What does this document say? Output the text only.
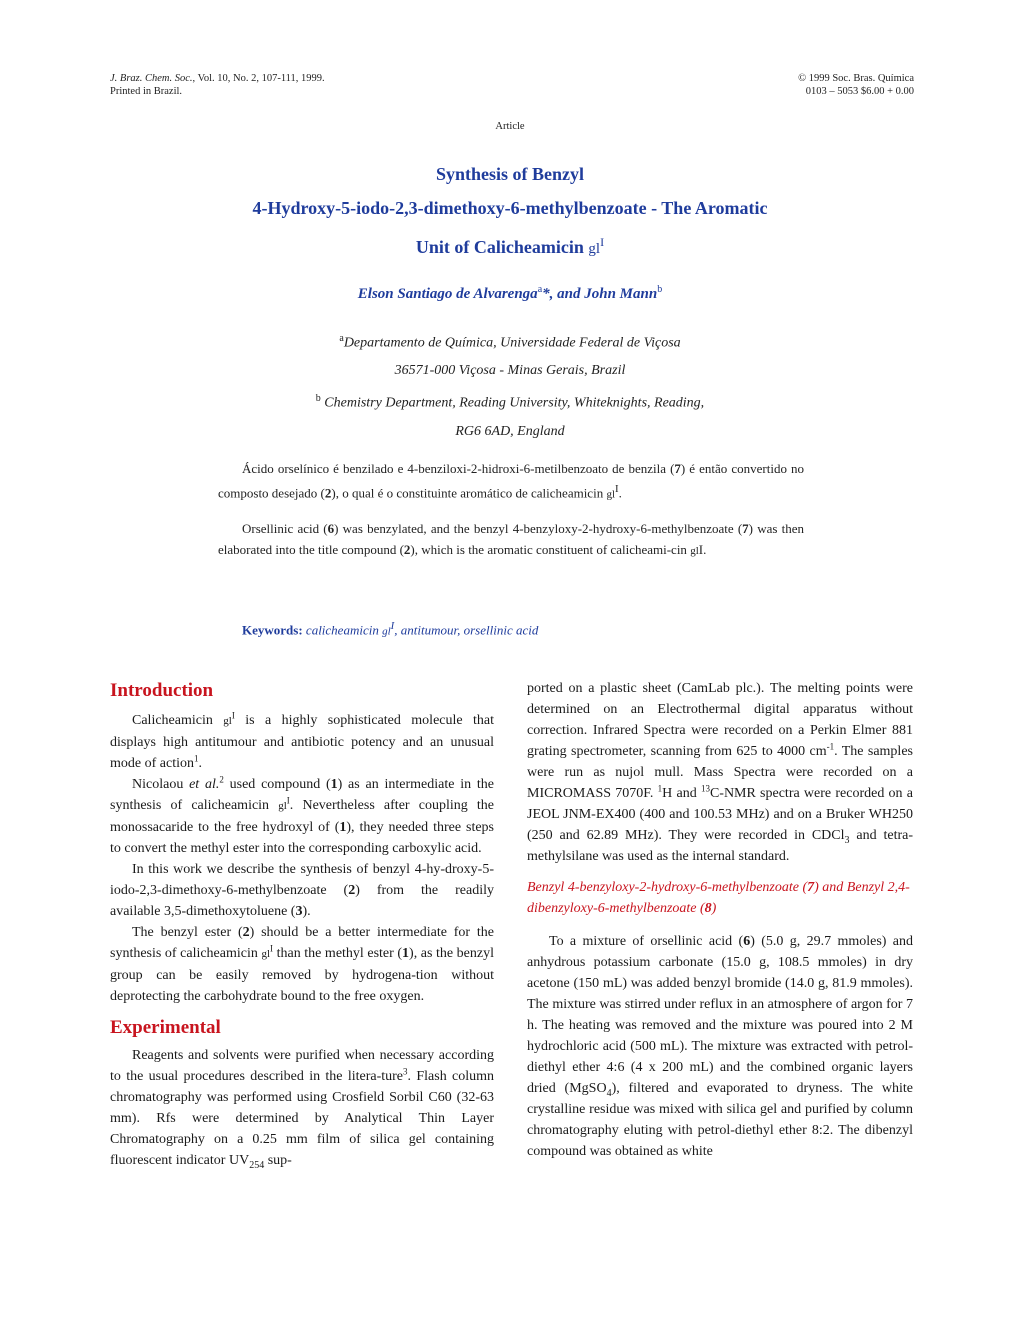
J. Braz. Chem. Soc., Vol. 10, No. 2, 107-111, 1999.
Printed in Brazil.
© 1999 Soc. Bras. Química
0103 – 5053 $6.00 + 0.00
Article
Synthesis of Benzyl
4-Hydroxy-5-iodo-2,3-dimethoxy-6-methylbenzoate - The Aromatic
Unit of Calicheamicin $gl^I$
Elson Santiago de Alvarenga$^a$*, and John Mann$^b$
$^a$Departamento de Química, Universidade Federal de Viçosa
36571-000 Viçosa - Minas Gerais, Brazil
$^b$ Chemistry Department, Reading University, Whiteknights, Reading,
RG6 6AD, England
Ácido orselínico é benzilado e 4-benziloxi-2-hidroxi-6-metilbenzoato de benzila (7) é então convertido no composto desejado (2), o qual é o constituinte aromático de calicheamicin $gl^I$.
Orsellinic acid (6) was benzylated, and the benzyl 4-benzyloxy-2-hydroxy-6-methylbenzoate (7) was then elaborated into the title compound (2), which is the aromatic constituent of calicheami-cin glI.
Keywords: calicheamicin $gl^I$, antitumour, orsellinic acid
Introduction

Calicheamicin $gl^I$ is a highly sophisticated molecule that displays high antitumour and antibiotic potency and an unusual mode of action$^1$.

Nicolaou et al.$^2$ used compound (1) as an intermediate in the synthesis of calicheamicin $gl^I$. Nevertheless after coupling the monossacaride to the free hydroxyl of (1), they needed three steps to convert the methyl ester into the corresponding carboxylic acid.

In this work we describe the synthesis of benzyl 4-hy-droxy-5-iodo-2,3-dimethoxy-6-methylbenzoate (2) from the readily available 3,5-dimethoxytoluene (3).

The benzyl ester (2) should be a better intermediate for the synthesis of calicheamicin $gl^I$ than the methyl ester (1), as the benzyl group can be easily removed by hydrogena-tion without deprotecting the carbohydrate bound to the free oxygen.

Experimental

Reagents and solvents were purified when necessary according to the usual procedures described in the litera-ture$^3$. Flash column chromatography was performed using Crosfield Sorbil C60 (32-63 mm). Rfs were determined by Analytical Thin Layer Chromatography on a 0.25 mm film of silica gel containing fluorescent indicator $UV_{254}$ sup-

ported on a plastic sheet (CamLab plc.). The melting points were determined on an Electrothermal digital apparatus without correction. Infrared Spectra were recorded on a Perkin Elmer 881 grating spectrometer, scanning from 625 to 4000 $cm^{-1}$. The samples were run as nujol mull. Mass Spectra were recorded on a MICROMASS 7070F. $^1$H and $^{13}$C-NMR spectra were recorded on a JEOL JNM-EX400 (400 and 100.53 MHz) and on a Bruker WH250 (250 and 62.89 MHz). They were recorded in CDCl$_3$ and tetra-methylsilane was used as the internal standard.

Benzyl 4-benzyloxy-2-hydroxy-6-methylbenzoate (7) and Benzyl 2,4-dibenzyloxy-6-methylbenzoate (8)

To a mixture of orsellinic acid (6) (5.0 g, 29.7 mmoles) and anhydrous potassium carbonate (15.0 g, 108.5 mmoles) in dry acetone (150 mL) was added benzyl bromide (14.0 g, 81.9 mmoles). The mixture was stirred under reflux in an atmosphere of argon for 7 h. The heating was removed and the mixture was poured into 2 M hydrochloric acid (500 mL). The mixture was extracted with petrol-diethyl ether 4:6 (4 x 200 mL) and the combined organic layers dried (MgSO$_4$), filtered and evaporated to dryness. The white crystalline residue was mixed with silica gel and purified by column chromatography eluting with petrol-diethyl ether 8:2. The dibenzyl compound was obtained as white
